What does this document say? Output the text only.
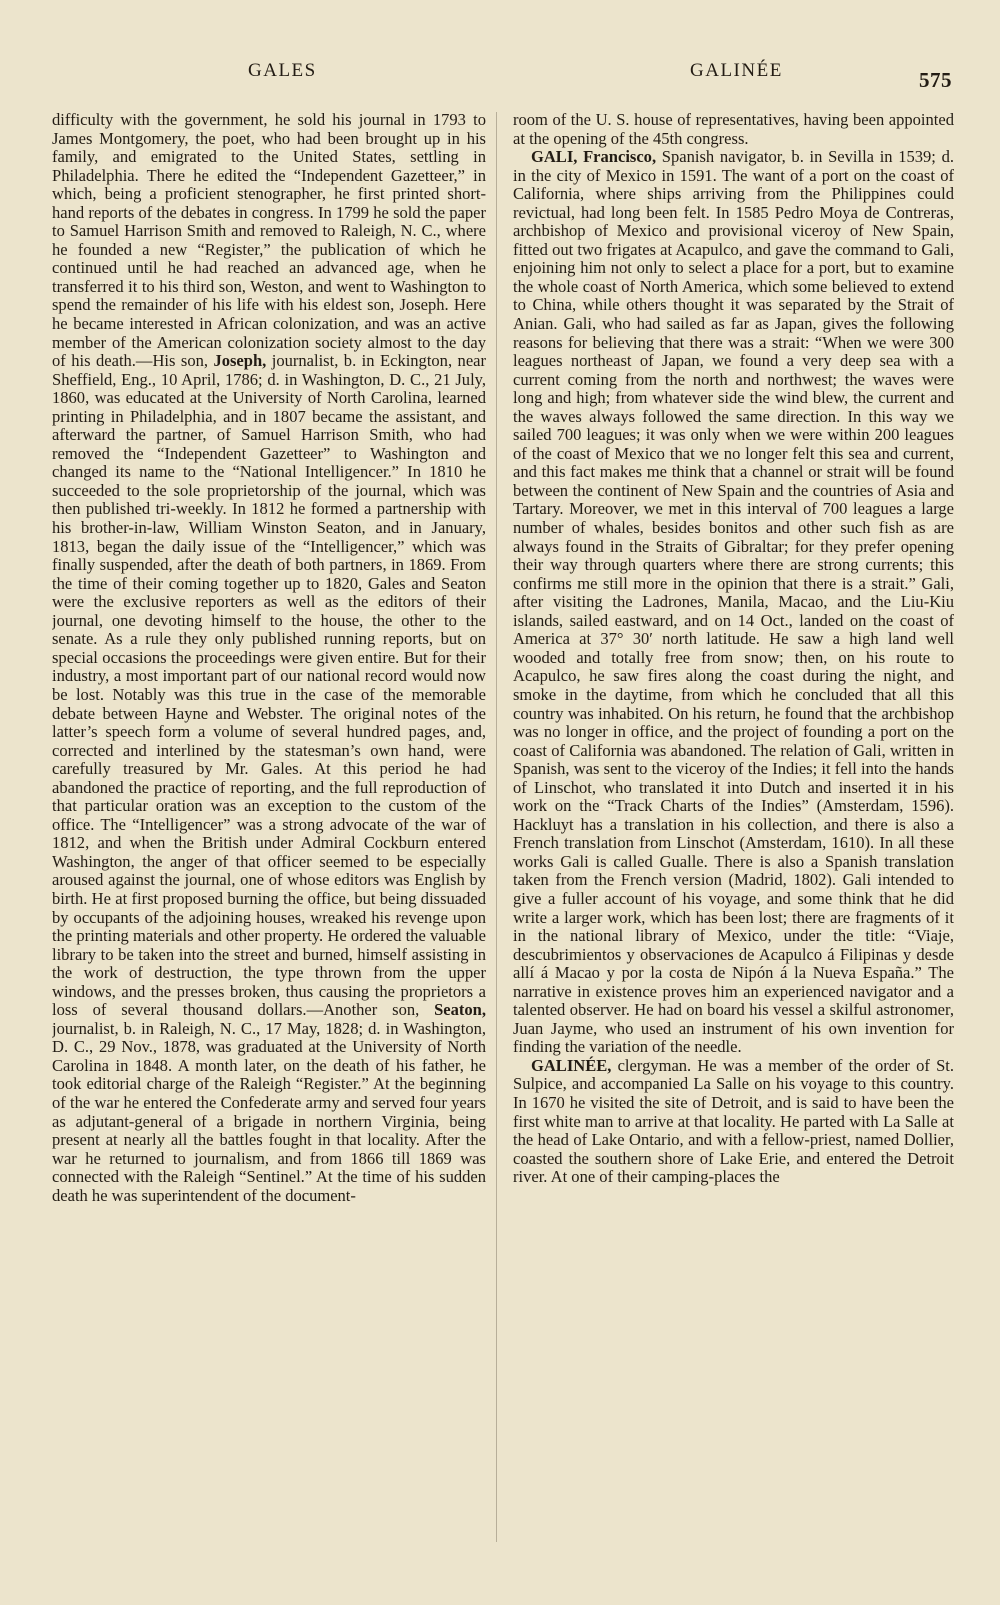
GALES	GALINÉE	575

difficulty with the government, he sold his journal in 1793 to James Montgomery, the poet, who had been brought up in his family, and emigrated to the United States, settling in Philadelphia. There he edited the “Independent Gazetteer,” in which, being a proficient stenographer, he first printed short-hand reports of the debates in congress. In 1799 he sold the paper to Samuel Harrison Smith and removed to Raleigh, N. C., where he founded a new “Register,” the publication of which he continued until he had reached an advanced age, when he transferred it to his third son, Weston, and went to Washington to spend the remainder of his life with his eldest son, Joseph. Here he became interested in African colonization, and was an active member of the American colonization society almost to the day of his death.—His son, Joseph, journalist, b. in Eckington, near Sheffield, Eng., 10 April, 1786; d. in Washington, D. C., 21 July, 1860, was educated at the University of North Carolina, learned printing in Philadelphia, and in 1807 became the assistant, and afterward the partner, of Samuel Harrison Smith, who had removed the “Independent Gazetteer” to Washington and changed its name to the “National Intelligencer.” In 1810 he succeeded to the sole proprietorship of the journal, which was then published tri-weekly. In 1812 he formed a partnership with his brother-in-law, William Winston Seaton, and in January, 1813, began the daily issue of the “Intelligencer,” which was finally suspended, after the death of both partners, in 1869. From the time of their coming together up to 1820, Gales and Seaton were the exclusive reporters as well as the editors of their journal, one devoting himself to the house, the other to the senate. As a rule they only published running reports, but on special occasions the proceedings were given entire. But for their industry, a most important part of our national record would now be lost. Notably was this true in the case of the memorable debate between Hayne and Webster. The original notes of the latter’s speech form a volume of several hundred pages, and, corrected and interlined by the statesman’s own hand, were carefully treasured by Mr. Gales. At this period he had abandoned the practice of reporting, and the full reproduction of that particular oration was an exception to the custom of the office. The “Intelligencer” was a strong advocate of the war of 1812, and when the British under Admiral Cockburn entered Washington, the anger of that officer seemed to be especially aroused against the journal, one of whose editors was English by birth. He at first proposed burning the office, but being dissuaded by occupants of the adjoining houses, wreaked his revenge upon the printing materials and other property. He ordered the valuable library to be taken into the street and burned, himself assisting in the work of destruction, the type thrown from the upper windows, and the presses broken, thus causing the proprietors a loss of several thousand dollars.—Another son, Seaton, journalist, b. in Raleigh, N. C., 17 May, 1828; d. in Washington, D. C., 29 Nov., 1878, was graduated at the University of North Carolina in 1848. A month later, on the death of his father, he took editorial charge of the Raleigh “Register.” At the beginning of the war he entered the Confederate army and served four years as adjutant-general of a brigade in northern Virginia, being present at nearly all the battles fought in that locality. After the war he returned to journalism, and from 1866 till 1869 was connected with the Raleigh “Sentinel.” At the time of his sudden death he was superintendent of the document-

room of the U. S. house of representatives, having been appointed at the opening of the 45th congress.

GALI, Francisco, Spanish navigator, b. in Sevilla in 1539; d. in the city of Mexico in 1591. The want of a port on the coast of California, where ships arriving from the Philippines could revictual, had long been felt. In 1585 Pedro Moya de Contreras, archbishop of Mexico and provisional viceroy of New Spain, fitted out two frigates at Acapulco, and gave the command to Gali, enjoining him not only to select a place for a port, but to examine the whole coast of North America, which some believed to extend to China, while others thought it was separated by the Strait of Anian. Gali, who had sailed as far as Japan, gives the following reasons for believing that there was a strait: “When we were 300 leagues northeast of Japan, we found a very deep sea with a current coming from the north and northwest; the waves were long and high; from whatever side the wind blew, the current and the waves always followed the same direction. In this way we sailed 700 leagues; it was only when we were within 200 leagues of the coast of Mexico that we no longer felt this sea and current, and this fact makes me think that a channel or strait will be found between the continent of New Spain and the countries of Asia and Tartary. Moreover, we met in this interval of 700 leagues a large number of whales, besides bonitos and other such fish as are always found in the Straits of Gibraltar; for they prefer opening their way through quarters where there are strong currents; this confirms me still more in the opinion that there is a strait.” Gali, after visiting the Ladrones, Manila, Macao, and the Liu-Kiu islands, sailed eastward, and on 14 Oct., landed on the coast of America at 37° 30′ north latitude. He saw a high land well wooded and totally free from snow; then, on his route to Acapulco, he saw fires along the coast during the night, and smoke in the daytime, from which he concluded that all this country was inhabited. On his return, he found that the archbishop was no longer in office, and the project of founding a port on the coast of California was abandoned. The relation of Gali, written in Spanish, was sent to the viceroy of the Indies; it fell into the hands of Linschot, who translated it into Dutch and inserted it in his work on the “Track Charts of the Indies” (Amsterdam, 1596). Hackluyt has a translation in his collection, and there is also a French translation from Linschot (Amsterdam, 1610). In all these works Gali is called Gualle. There is also a Spanish translation taken from the French version (Madrid, 1802). Gali intended to give a fuller account of his voyage, and some think that he did write a larger work, which has been lost; there are fragments of it in the national library of Mexico, under the title: “Viaje, descubrimientos y observaciones de Acapulco á Filipinas y desde allí á Macao y por la costa de Nipón á la Nueva España.” The narrative in existence proves him an experienced navigator and a talented observer. He had on board his vessel a skilful astronomer, Juan Jayme, who used an instrument of his own invention for finding the variation of the needle.

GALINÉE, clergyman. He was a member of the order of St. Sulpice, and accompanied La Salle on his voyage to this country. In 1670 he visited the site of Detroit, and is said to have been the first white man to arrive at that locality. He parted with La Salle at the head of Lake Ontario, and with a fellow-priest, named Dollier, coasted the southern shore of Lake Erie, and entered the Detroit river. At one of their camping-places the
